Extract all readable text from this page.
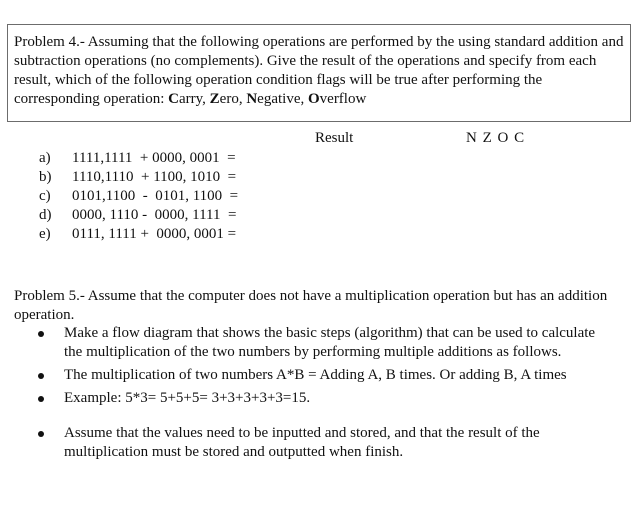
Problem 4.- Assuming that the following operations are performed by the using standard addition and subtraction operations (no complements). Give the result of the operations and specify from each result, which of the following operation condition flags will be true after performing the corresponding operation: Carry, Zero, Negative, Overflow

Result	N Z O C
a) 1111,1111  + 0000, 0001  =
b) 1110,1110  + 1100, 1010  =
c) 0101,1100  -  0101, 1100  =
d) 0000, 1110 -  0000, 1111  =
e) 0111, 1111 +  0000, 0001 =

Problem 5.- Assume that the computer does not have a multiplication operation but has an addition operation.

Make a flow diagram that shows the basic steps (algorithm) that can be used to calculate the multiplication of the two numbers by performing multiple additions as follows.
The multiplication of two numbers A*B = Adding A, B times. Or adding B, A times
Example: 5*3= 5+5+5= 3+3+3+3+3=15.
Assume that the values need to be inputted and stored, and that the result of the multiplication must be stored and outputted when finish.
